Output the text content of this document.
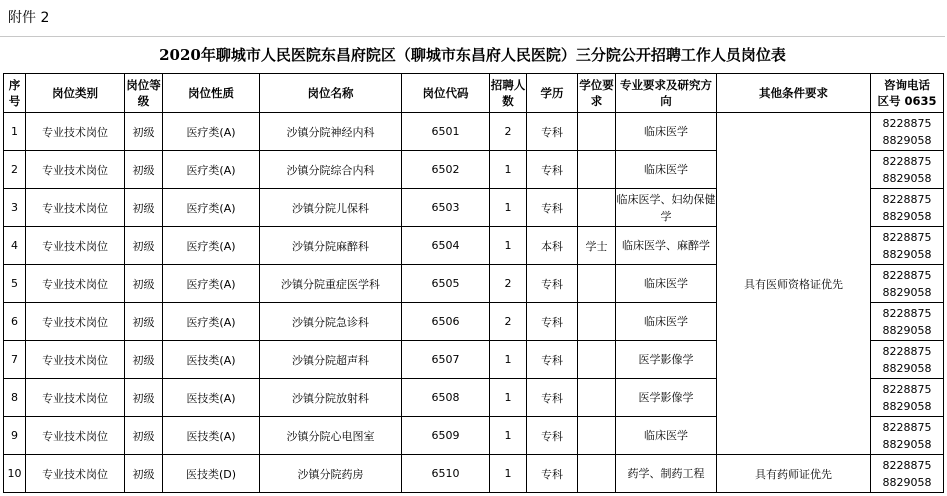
附件 2
2020年聊城市人民医院东昌府院区（聊城市东昌府人民医院）三分院公开招聘工作人员岗位表
序号	岗位类别	岗位等级	岗位性质	岗位名称	岗位代码	招聘人数	学历	学位要求	专业要求及研究方向	其他条件要求	咨询电话
区号 0635

1	专业技术岗位	初级	医疗类(A)	沙镇分院神经内科	6501	2	专科		临床医学	具有医师资格证优先	8228875
8829058

2	专业技术岗位	初级	医疗类(A)	沙镇分院综合内科	6502	1	专科		临床医学		8228875
8829058

3	专业技术岗位	初级	医疗类(A)	沙镇分院儿保科	6503	1	专科		临床医学、妇幼保健学		8228875
8829058

4	专业技术岗位	初级	医疗类(A)	沙镇分院麻醉科	6504	1	本科	学士	临床医学、麻醉学		8228875
8829058

5	专业技术岗位	初级	医疗类(A)	沙镇分院重症医学科	6505	2	专科		临床医学		8228875
8829058

6	专业技术岗位	初级	医疗类(A)	沙镇分院急诊科	6506	2	专科		临床医学		8228875
8829058

7	专业技术岗位	初级	医技类(A)	沙镇分院超声科	6507	1	专科		医学影像学		8228875
8829058

8	专业技术岗位	初级	医技类(A)	沙镇分院放射科	6508	1	专科		医学影像学		8228875
8829058

9	专业技术岗位	初级	医技类(A)	沙镇分院心电图室	6509	1	专科		临床医学		8228875
8829058

10	专业技术岗位	初级	医技类(D)	沙镇分院药房	6510	1	专科		药学、制药工程	具有药师证优先	8228875
8829058
